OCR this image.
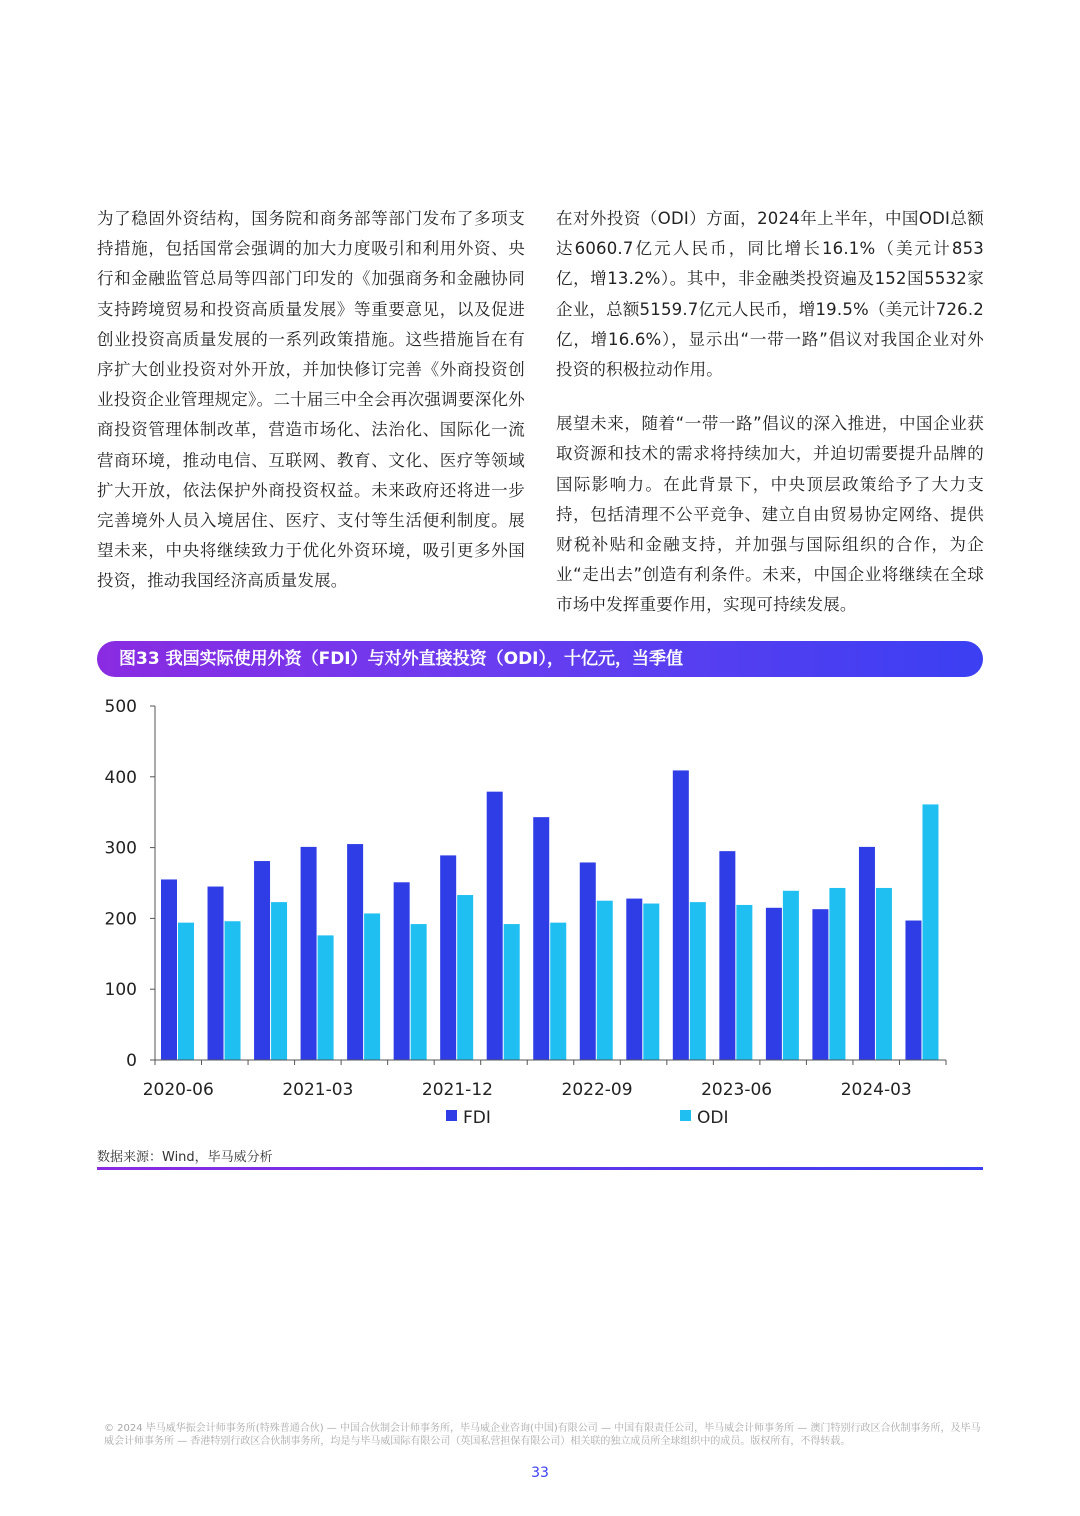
为了稳固外资结构，国务院和商务部等部门发布了多项支持措施，包括国常会强调的加大力度吸引和利用外资、央行和金融监管总局等四部门印发的《加强商务和金融协同 支持跨境贸易和投资高质量发展》等重要意见，以及促进创业投资高质量发展的一系列政策措施。这些措施旨在有序扩大创业投资对外开放，并加快修订完善《外商投资创业投资企业管理规定》。二十届三中全会再次强调要深化外商投资管理体制改革，营造市场化、法治化、国际化一流营商环境，推动电信、互联网、教育、文化、医疗等领域扩大开放，依法保护外商投资权益。未来政府还将进一步完善境外人员入境居住、医疗、支付等生活便利制度。展望未来，中央将继续致力于优化外资环境，吸引更多外国投资，推动我国经济高质量发展。

在对外投资（ODI）方面，2024年上半年，中国ODI总额达6060.7亿元人民币，同比增长16.1%（美元计853亿，增13.2%）。其中，非金融类投资遍及152国5532家企业，总额5159.7亿元人民币，增19.5%（美元计726.2亿，增16.6%），显示出“一带一路”倡议对我国企业对外投资的积极拉动作用。

展望未来，随着“一带一路”倡议的深入推进，中国企业获取资源和技术的需求将持续加大，并迫切需要提升品牌的国际影响力。在此背景下，中央顶层政策给予了大力支持，包括清理不公平竞争、建立自由贸易协定网络、提供财税补贴和金融支持，并加强与国际组织的合作，为企业“走出去”创造有利条件。未来，中国企业将继续在全球市场中发挥重要作用，实现可持续发展。

图33 我国实际使用外资（FDI）与对外直接投资（ODI），十亿元，当季值
0
100
200
300
400
500
2020-06	2021-03	2021-12	2022-09	2023-06	2024-03
FDI	ODI
数据来源：Wind，毕马威分析
© 2024 毕马威华振会计师事务所(特殊普通合伙) — 中国合伙制会计师事务所，毕马威企业咨询(中国)有限公司 — 中国有限责任公司，毕马威会计师事务所 — 澳门特别行政区合伙制事务所，及毕马威会计师事务所 — 香港特别行政区合伙制事务所，均是与毕马威国际有限公司（英国私营担保有限公司）相关联的独立成员所全球组织中的成员。版权所有，不得转载。
33
